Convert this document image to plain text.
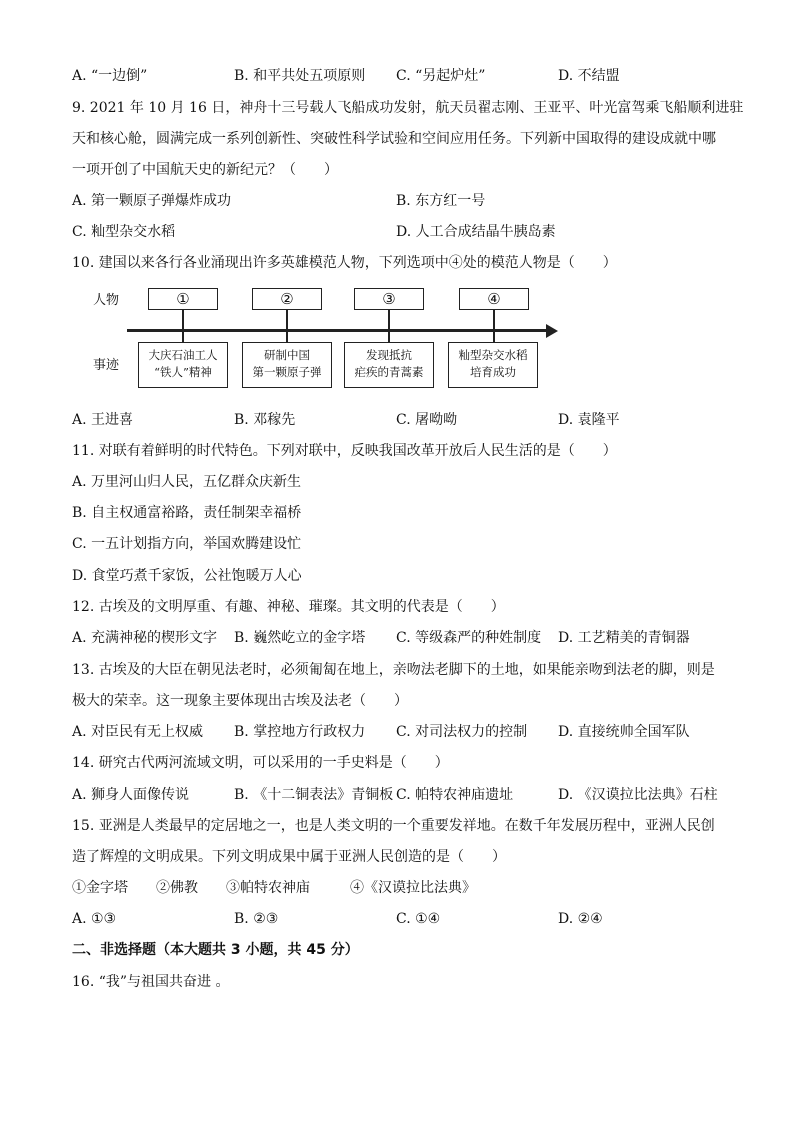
A. “一边倒”	B. 和平共处五项原则 C. “另起炉灶”	D. 不结盟
9. 2021 年 10 月 16 日，神舟十三号载人飞船成功发射，航天员翟志刚、王亚平、叶光富驾乘飞船顺利进驻
天和核心舱，圆满完成一系列创新性、突破性科学试验和空间应用任务。下列新中国取得的建设成就中哪
一项开创了中国航天史的新纪元？（　　）
A. 第一颗原子弹爆炸成功	B. 东方红一号
C. 籼型杂交水稻	D. 人工合成结晶牛胰岛素
10. 建国以来各行各业涌现出许多英雄模范人物，下列选项中④处的模范人物是（　　）
人物
事迹
①	②	③	④
大庆石油工人
“铁人”精神
研制中国
第一颗原子弹
发现抵抗
疟疾的青蒿素
籼型杂交水稻
培育成功
A. 王进喜	B. 邓稼先	C. 屠呦呦	D. 袁隆平
11. 对联有着鲜明的时代特色。下列对联中，反映我国改革开放后人民生活的是（　　）
A. 万里河山归人民，五亿群众庆新生
B. 自主权通富裕路，责任制架幸福桥
C. 一五计划指方向，举国欢腾建设忙
D. 食堂巧煮千家饭，公社饱暖万人心
12. 古埃及的文明厚重、有趣、神秘、璀璨。其文明的代表是（　　）
A. 充满神秘的楔形文字 B. 巍然屹立的金字塔 C. 等级森严的种姓制度 D. 工艺精美的青铜器
13. 古埃及的大臣在朝见法老时，必须匍匐在地上，亲吻法老脚下的土地，如果能亲吻到法老的脚，则是
极大的荣幸。这一现象主要体现出古埃及法老（　　）
A. 对臣民有无上权威 B. 掌控地方行政权力 C. 对司法权力的控制 D. 直接统帅全国军队
14. 研究古代两河流域文明，可以采用的一手史料是（　　）
A. 狮身人面像传说	B. 《十二铜表法》青铜板 C. 帕特农神庙遗址	D. 《汉谟拉比法典》石柱
15. 亚洲是人类最早的定居地之一，也是人类文明的一个重要发祥地。在数千年发展历程中，亚洲人民创
造了辉煌的文明成果。下列文明成果中属于亚洲人民创造的是（　　）
①金字塔 ②佛教 ③帕特农神庙	④《汉谟拉比法典》
A. ①③	B. ②③	C. ①④	D. ②④
二、非选择题（本大题共 3 小题，共 45 分）
16. “我”与祖国共奋进 。
